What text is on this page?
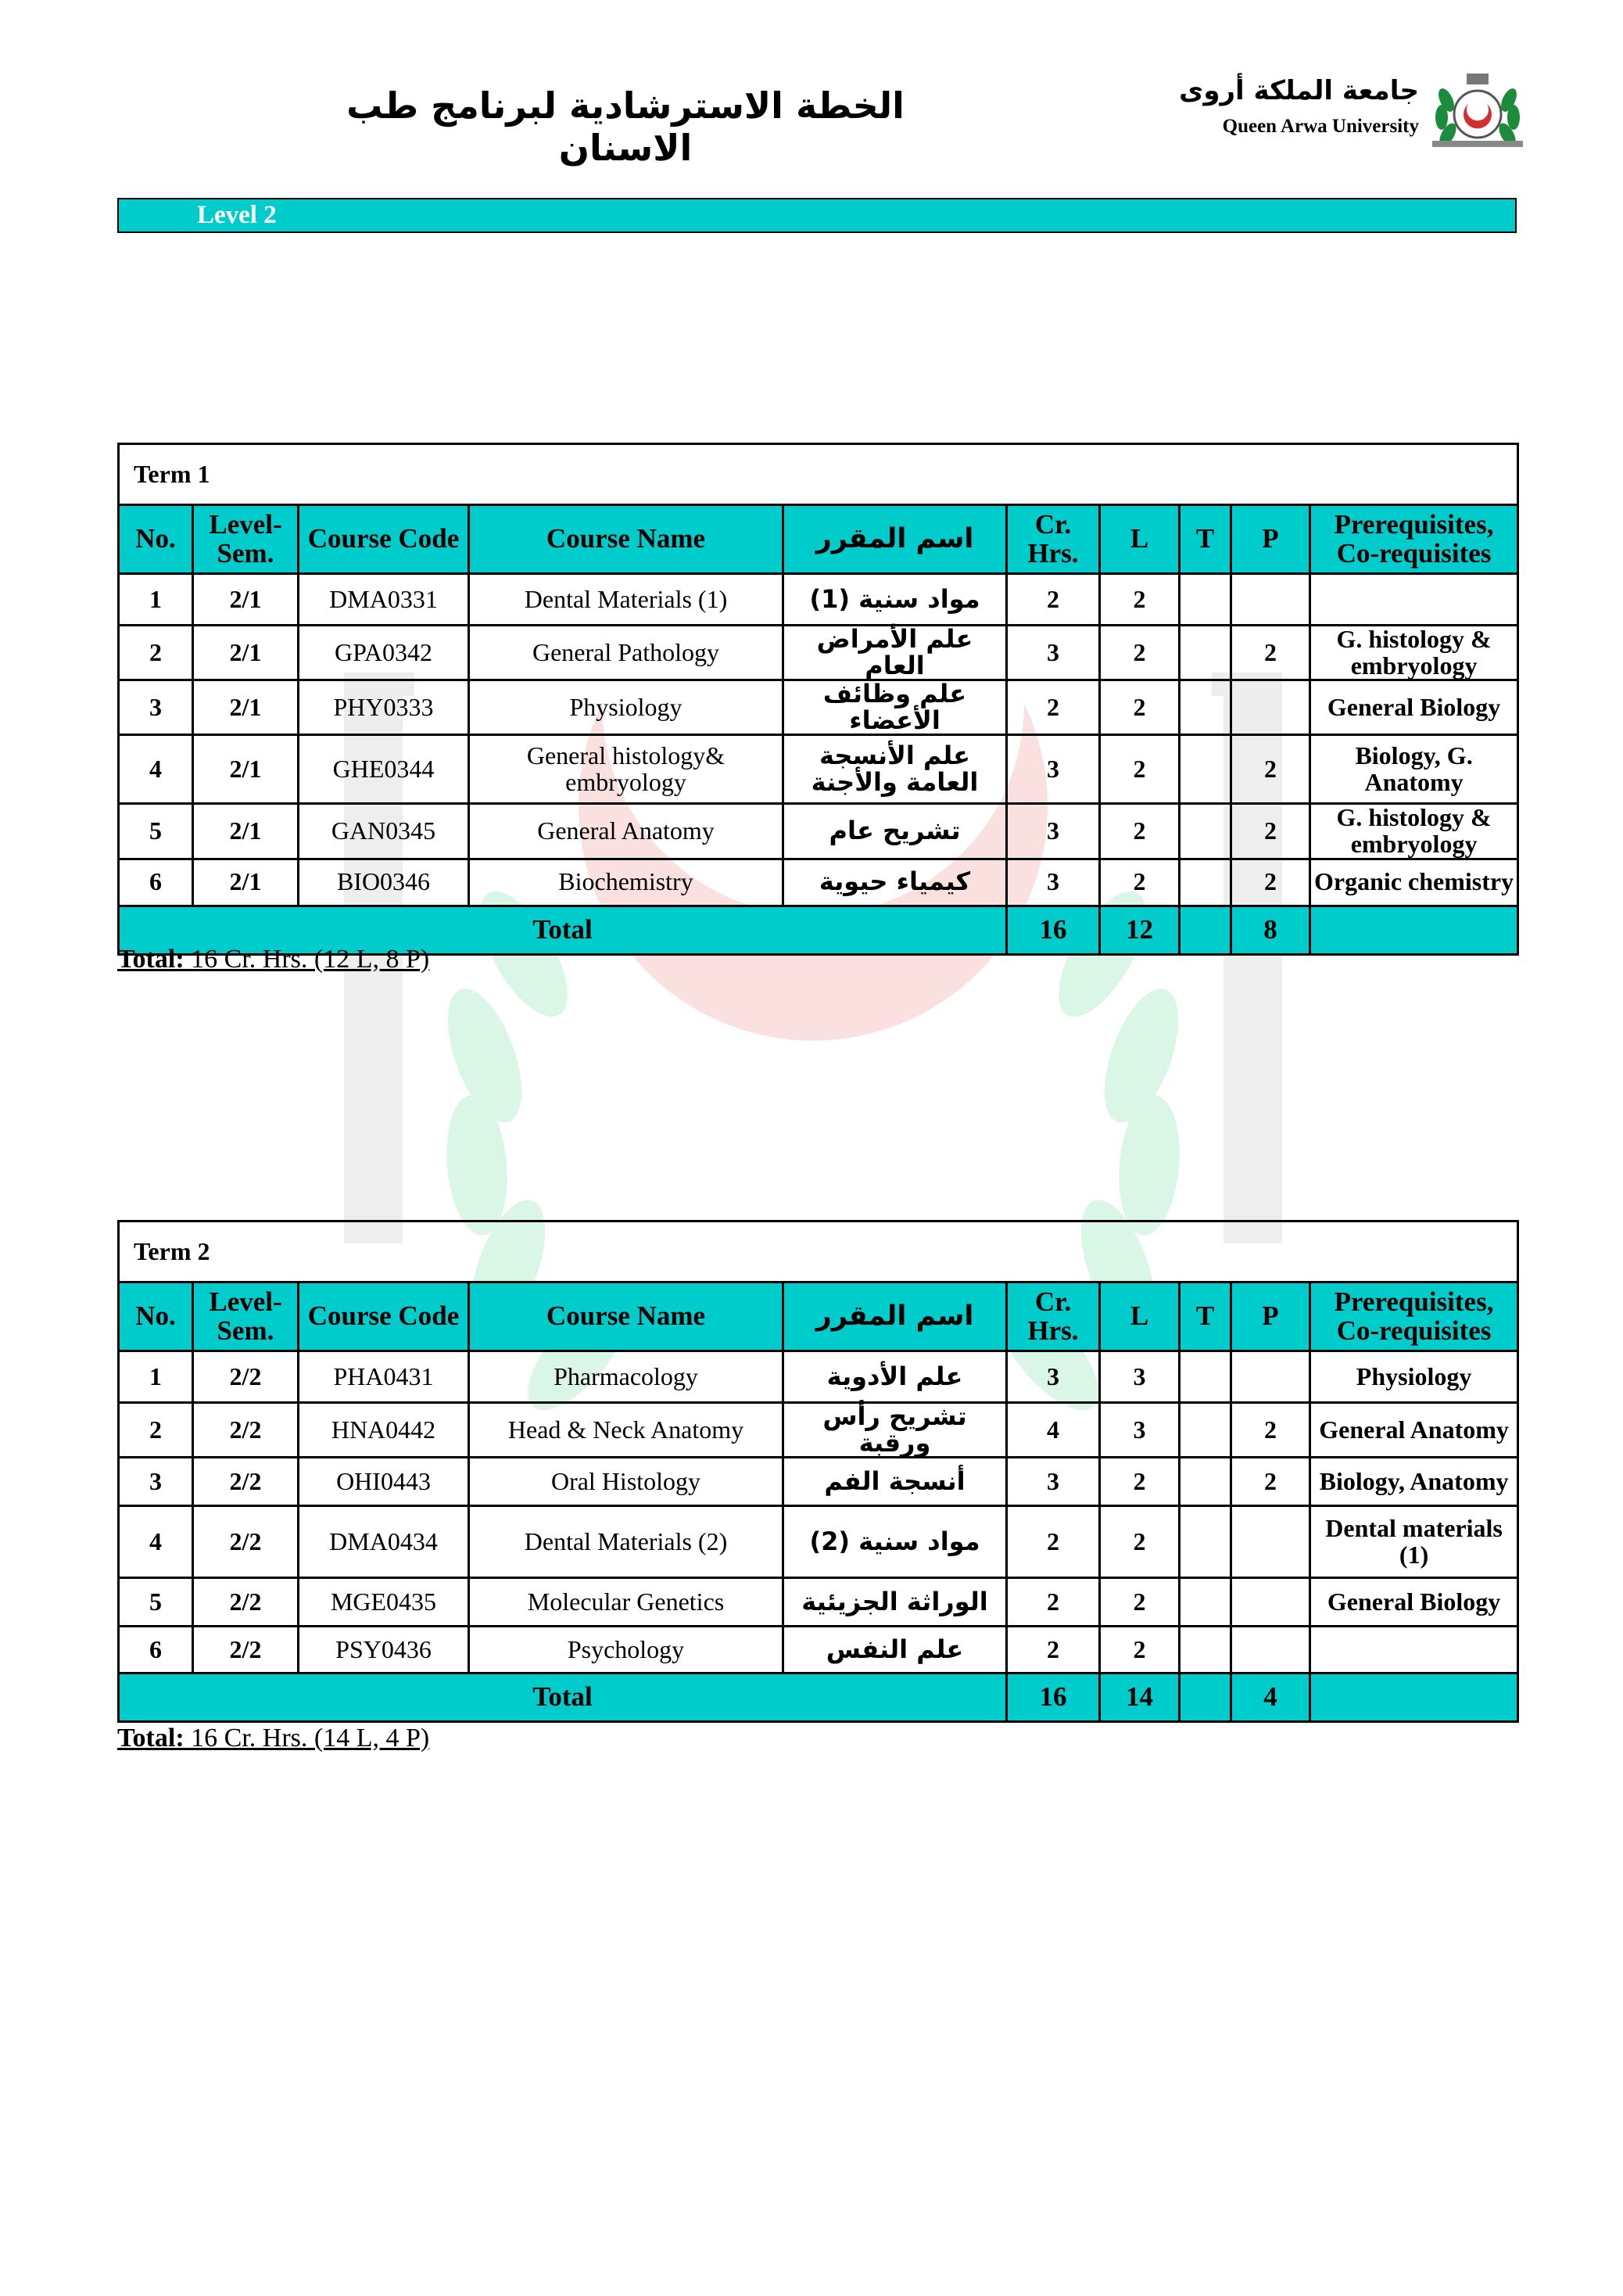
الخطة الاسترشادية لبرنامج طب الاسنان
جامعة الملكة أروى
Queen Arwa University
Level 2
Term 1									
No.	Level-Sem.	Course Code	Course Name	اسم المقرر	Cr. Hrs.	L	T	P	Prerequisites, Co-requisites
1	2/1	DMA0331	Dental Materials (1)	مواد سنية (1)	2	2			
2	2/1	GPA0342	General Pathology	علم الأمراض العام	3	2		2	G. histology & embryology
3	2/1	PHY0333	Physiology	علم وظائف الأعضاء	2	2			General Biology
4	2/1	GHE0344	General histology& embryology	علم الأنسجة العامة والأجنة	3	2		2	Biology, G. Anatomy
5	2/1	GAN0345	General Anatomy	تشريح عام	3	2		2	G. histology & embryology
6	2/1	BIO0346	Biochemistry	كيمياء حيوية	3	2		2	Organic chemistry
Total					16	12		8	
Total: 16 Cr. Hrs. (12 L, 8 P)
Term 2									
No.	Level-Sem.	Course Code	Course Name	اسم المقرر	Cr. Hrs.	L	T	P	Prerequisites, Co-requisites
1	2/2	PHA0431	Pharmacology	علم الأدوية	3	3			Physiology
2	2/2	HNA0442	Head & Neck Anatomy	تشريح رأس ورقبة	4	3		2	General Anatomy
3	2/2	OHI0443	Oral Histology	أنسجة الفم	3	2		2	Biology, Anatomy
4	2/2	DMA0434	Dental Materials (2)	مواد سنية (2)	2	2			Dental materials (1)
5	2/2	MGE0435	Molecular Genetics	الوراثة الجزيئية	2	2			General Biology
6	2/2	PSY0436	Psychology	علم النفس	2	2			
Total					16	14		4	
Total: 16 Cr. Hrs. (14 L, 4 P)
